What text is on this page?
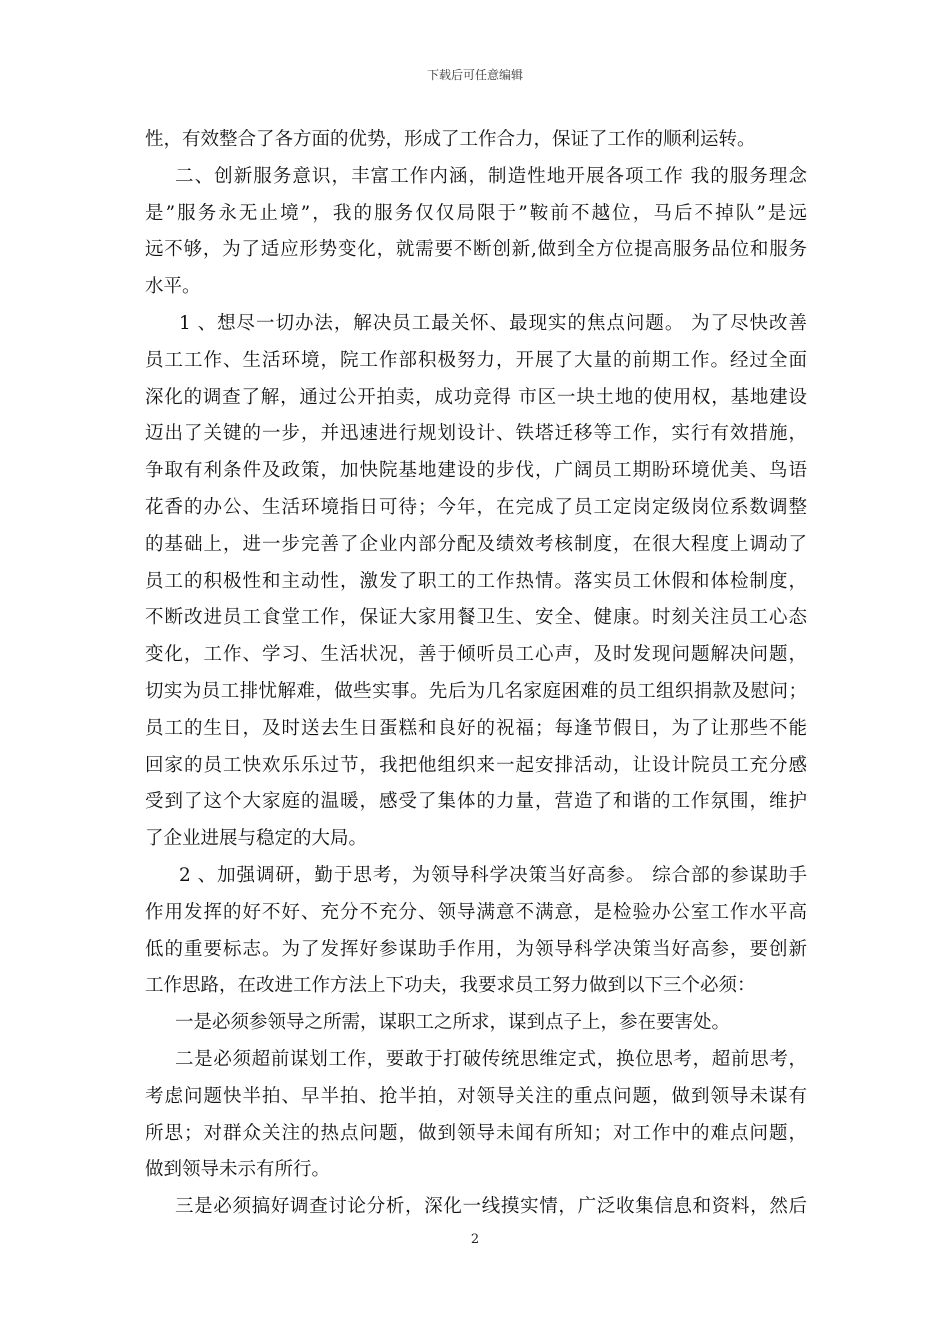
下载后可任意编辑
性，有效整合了各方面的优势，形成了工作合力，保证了工作的顺利运转。
二、创新服务意识，丰富工作内涵，制造性地开展各项工作 我的服务理念
是”服务永无止境”，我的服务仅仅局限于”鞍前不越位，马后不掉队”是远
远不够，为了适应形势变化，就需要不断创新,做到全方位提高服务品位和服务
水平。
1 、想尽一切办法，解决员工最关怀、最现实的焦点问题。 为了尽快改善
员工工作、生活环境，院工作部积极努力，开展了大量的前期工作。经过全面
深化的调查了解，通过公开拍卖，成功竞得 市区一块土地的使用权，基地建设
迈出了关键的一步，并迅速进行规划设计、铁塔迁移等工作，实行有效措施，
争取有利条件及政策，加快院基地建设的步伐，广阔员工期盼环境优美、鸟语
花香的办公、生活环境指日可待；今年，在完成了员工定岗定级岗位系数调整
的基础上，进一步完善了企业内部分配及绩效考核制度，在很大程度上调动了
员工的积极性和主动性，激发了职工的工作热情。落实员工休假和体检制度，
不断改进员工食堂工作，保证大家用餐卫生、安全、健康。时刻关注员工心态
变化，工作、学习、生活状况，善于倾听员工心声，及时发现问题解决问题，
切实为员工排忧解难，做些实事。先后为几名家庭困难的员工组织捐款及慰问；
员工的生日，及时送去生日蛋糕和良好的祝福；每逢节假日，为了让那些不能
回家的员工快欢乐乐过节，我把他组织来一起安排活动，让设计院员工充分感
受到了这个大家庭的温暖，感受了集体的力量，营造了和谐的工作氛围，维护
了企业进展与稳定的大局。
2 、加强调研，勤于思考，为领导科学决策当好高参。 综合部的参谋助手
作用发挥的好不好、充分不充分、领导满意不满意，是检验办公室工作水平高
低的重要标志。为了发挥好参谋助手作用，为领导科学决策当好高参，要创新
工作思路，在改进工作方法上下功夫，我要求员工努力做到以下三个必须：
一是必须参领导之所需，谋职工之所求，谋到点子上，参在要害处。
二是必须超前谋划工作，要敢于打破传统思维定式，换位思考，超前思考，
考虑问题快半拍、早半拍、抢半拍，对领导关注的重点问题，做到领导未谋有
所思；对群众关注的热点问题，做到领导未闻有所知；对工作中的难点问题，
做到领导未示有所行。
三是必须搞好调查讨论分析，深化一线摸实情，广泛收集信息和资料，然后
2
